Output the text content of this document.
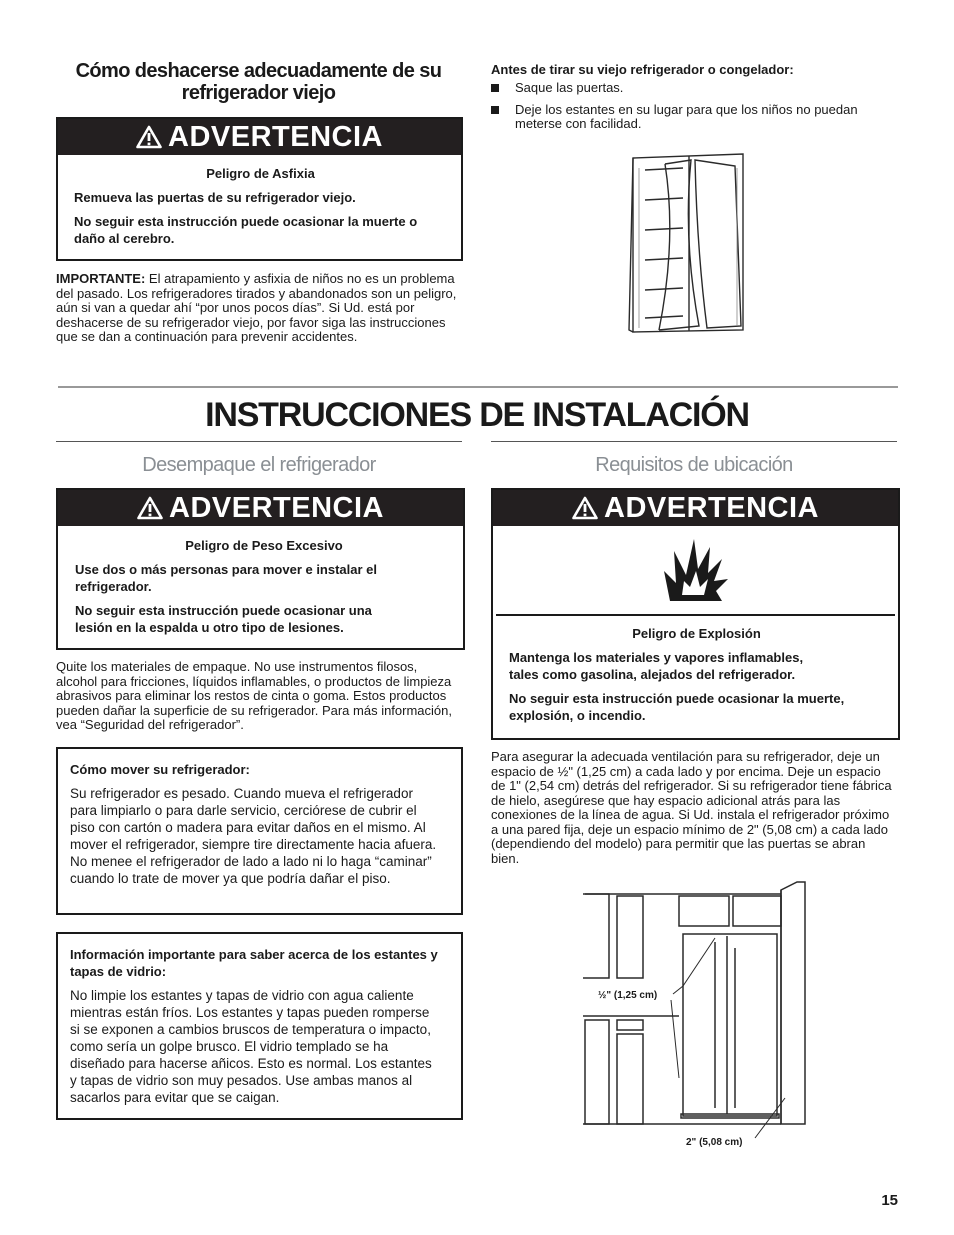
Cómo deshacerse adecuadamente de su refrigerador viejo
ADVERTENCIA

Peligro de Asfixia

Remueva las puertas de su refrigerador viejo.

No seguir esta instrucción puede ocasionar la muerte o daño al cerebro.

IMPORTANTE: El atrapamiento y asfixia de niños no es un problema del pasado. Los refrigeradores tirados y abandonados son un peligro, aún si van a quedar ahí “por unos pocos días”. Si Ud. está por deshacerse de su refrigerador viejo, por favor siga las instrucciones que se dan a continuación para prevenir accidentes.

Antes de tirar su viejo refrigerador o congelador:
Saque las puertas.
Deje los estantes en su lugar para que los niños no puedan meterse con facilidad.
INSTRUCCIONES DE INSTALACIÓN
Desempaque el refrigerador
ADVERTENCIA

Peligro de Peso Excesivo

Use dos o más personas para mover e instalar el refrigerador.

No seguir esta instrucción puede ocasionar una lesión en la espalda u otro tipo de lesiones.

Quite los materiales de empaque. No use instrumentos filosos, alcohol para fricciones, líquidos inflamables, o productos de limpieza abrasivos para eliminar los restos de cinta o goma. Estos productos pueden dañar la superficie de su refrigerador. Para más información, vea “Seguridad del refrigerador”.

Cómo mover su refrigerador:

Su refrigerador es pesado. Cuando mueva el refrigerador para limpiarlo o para darle servicio, cerciórese de cubrir el piso con cartón o madera para evitar daños en el mismo. Al mover el refrigerador, siempre tire directamente hacia afuera. No menee el refrigerador de lado a lado ni lo haga “caminar” cuando lo trate de mover ya que podría dañar el piso.

Información importante para saber acerca de los estantes y tapas de vidrio:

No limpie los estantes y tapas de vidrio con agua caliente mientras están fríos. Los estantes y tapas pueden romperse si se exponen a cambios bruscos de temperatura o impacto, como sería un golpe brusco. El vidrio templado se ha diseñado para hacerse añicos. Esto es normal. Los estantes y tapas de vidrio son muy pesados. Use ambas manos al sacarlos para evitar que se caigan.

Requisitos de ubicación
ADVERTENCIA

Peligro de Explosión

Mantenga los materiales y vapores inflamables, tales como gasolina, alejados del refrigerador.

No seguir esta instrucción puede ocasionar la muerte, explosión, o incendio.

Para asegurar la adecuada ventilación para su refrigerador, deje un espacio de ½" (1,25 cm) a cada lado y por encima. Deje un espacio de 1" (2,54 cm) detrás del refrigerador. Si su refrigerador tiene fábrica de hielo, asegúrese que hay espacio adicional atrás para las conexiones de la línea de agua. Si Ud. instala el refrigerador próximo a una pared fija, deje un espacio mínimo de 2" (5,08 cm) a cada lado (dependiendo del modelo) para permitir que las puertas se abran bien.

½" (1,25 cm)
2" (5,08 cm)
15
